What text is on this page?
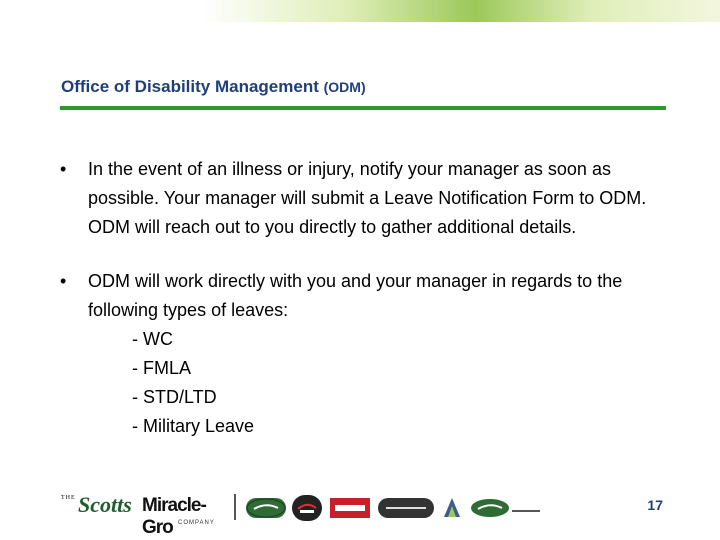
Office of Disability Management (ODM)
• In the event of an illness or injury, notify your manager as soon as possible. Your manager will submit a Leave Notification Form to ODM. ODM will reach out to you directly to gather additional details.
• ODM will work directly with you and your manager in regards to the following types of leaves:
- WC
- FMLA
- STD/LTD
- Military Leave
THE Scotts Miracle-Gro COMPANY
17
